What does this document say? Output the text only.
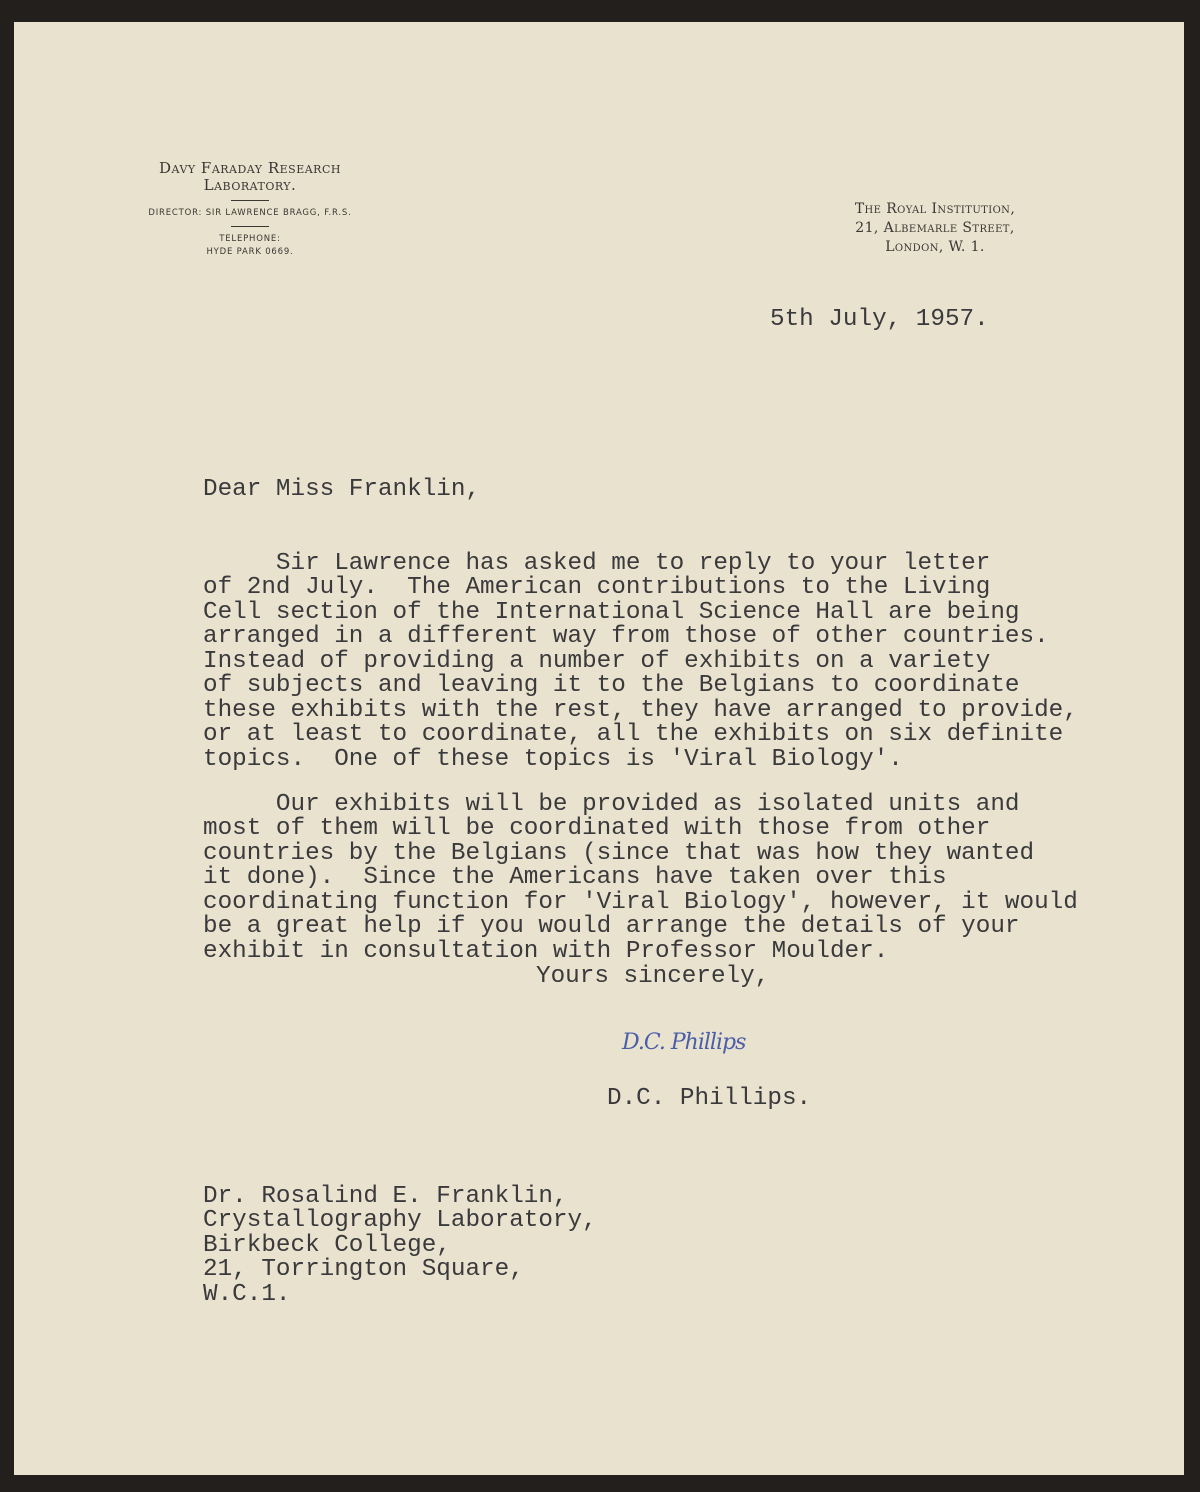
Davy Faraday Research
Laboratory.
DIRECTOR: SIR LAWRENCE BRAGG, F.R.S.
TELEPHONE:
HYDE PARK 0669.
The Royal Institution,
21, Albemarle Street,
London, W. 1.
5th July, 1957.
Dear Miss Franklin,

Sir Lawrence has asked me to reply to your letter
of 2nd July.  The American contributions to the Living
Cell section of the International Science Hall are being
arranged in a different way from those of other countries.
Instead of providing a number of exhibits on a variety
of subjects and leaving it to the Belgians to coordinate
these exhibits with the rest, they have arranged to provide,
or at least to coordinate, all the exhibits on six definite
topics.  One of these topics is 'Viral Biology'.

Our exhibits will be provided as isolated units and
most of them will be coordinated with those from other
countries by the Belgians (since that was how they wanted
it done).  Since the Americans have taken over this
coordinating function for 'Viral Biology', however, it would
be a great help if you would arrange the details of your
exhibit in consultation with Professor Moulder.

Yours sincerely,
D.C. Phillips
D.C. Phillips.

Dr. Rosalind E. Franklin,
Crystallography Laboratory,
Birkbeck College,
21, Torrington Square,
W.C.1.
